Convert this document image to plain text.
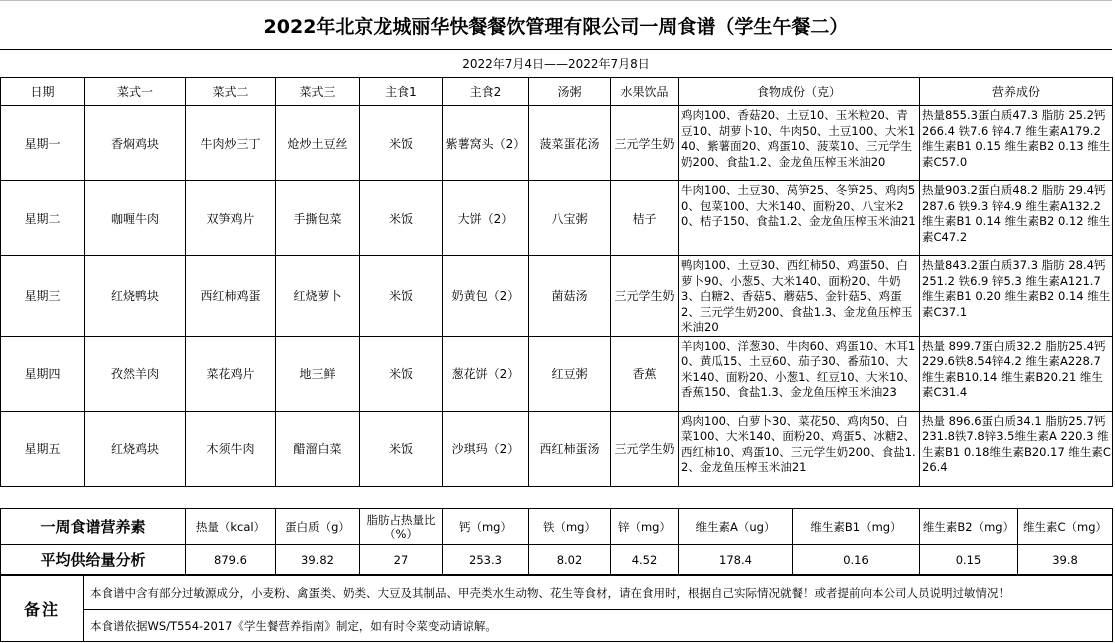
2022年北京龙城丽华快餐餐饮管理有限公司一周食谱（学生午餐二）
2022年7月4日——2022年7月8日
日期	菜式一	菜式二	菜式三	主食1	主食2	汤粥	水果饮品	食物成份（克）	营养成份
星期一	香焖鸡块	牛肉炒三丁	炝炒土豆丝	米饭	紫薯窝头（2）	菠菜蛋花汤	三元学生奶	鸡肉100、香菇20、土豆10、玉米粒20、青豆10、胡萝卜10、牛肉50、土豆100、大米140、紫薯面20、鸡蛋10、菠菜10、三元学生奶200、食盐1.2、金龙鱼压榨玉米油20	热量855.3蛋白质47.3 脂肪 25.2钙 266.4 铁7.6 锌4.7 维生素A179.2 维生素B1 0.15 维生素B2 0.13 维生素C57.0
星期二	咖喱牛肉	双笋鸡片	手撕包菜	米饭	大饼（2）	八宝粥	桔子	牛肉100、土豆30、莴笋25、冬笋25、鸡肉50、包菜100、大米140、面粉20、八宝米20、桔子150、食盐1.2、金龙鱼压榨玉米油21	热量903.2蛋白质48.2 脂肪 29.4钙 287.6 铁9.3 锌4.9 维生素A132.2 维生素B1 0.14 维生素B2 0.12 维生素C47.2
星期三	红烧鸭块	西红柿鸡蛋	红烧萝卜	米饭	奶黄包（2）	菌菇汤	三元学生奶	鸭肉100、土豆30、西红柿50、鸡蛋50、白萝卜90、小葱5、大米140、面粉20、牛奶3、白糖2、香菇5、蘑菇5、金针菇5、鸡蛋2、三元学生奶200、食盐1.3、金龙鱼压榨玉米油20	热量843.2蛋白质37.3 脂肪 28.4钙 251.2 铁6.9 锌5.3 维生素A121.7 维生素B1 0.20 维生素B2 0.14 维生素C37.1
星期四	孜然羊肉	菜花鸡片	地三鲜	米饭	葱花饼（2）	红豆粥	香蕉	羊肉100、洋葱30、牛肉60、鸡蛋10、木耳10、黄瓜15、土豆60、茄子30、番茄10、大米140、面粉20、小葱1、红豆10、大米10、香蕉150、食盐1.3、金龙鱼压榨玉米油23	热量 899.7蛋白质32.2 脂肪25.4钙229.6铁8.54锌4.2 维生素A228.7 维生素B10.14 维生素B20.21 维生素C31.4
星期五	红烧鸡块	木须牛肉	醋溜白菜	米饭	沙琪玛（2）	西红柿蛋汤	三元学生奶	鸡肉100、白萝卜30、菜花50、鸡肉50、白菜100、大米140、面粉20、鸡蛋5、冰糖2、西红柿10、鸡蛋10、三元学生奶200、食盐1.2、金龙鱼压榨玉米油21	热量 896.6蛋白质34.1 脂肪25.7钙231.8铁7.8锌3.5维生素A 220.3 维生素B1 0.18维生素B20.17 维生素C 26.4
一周食谱营养素	热量（kcal）	蛋白质（g）	脂肪占热量比（%）	钙（mg）	铁（mg）	锌（mg）	维生素A（ug）	维生素B1（mg）	维生素B2（mg）	维生素C（mg）
平均供给量分析	879.6	39.82	27	253.3	8.02	4.52	178.4	0.16	0.15	39.8
备注	本食谱中含有部分过敏源成分，小麦粉、禽蛋类、奶类、大豆及其制品、甲壳类水生动物、花生等食材，请在食用时，根据自己实际情况就餐！或者提前向本公司人员说明过敏情况！
本食谱依据WS/T554-2017《学生餐营养指南》制定，如有时令菜变动请谅解。
